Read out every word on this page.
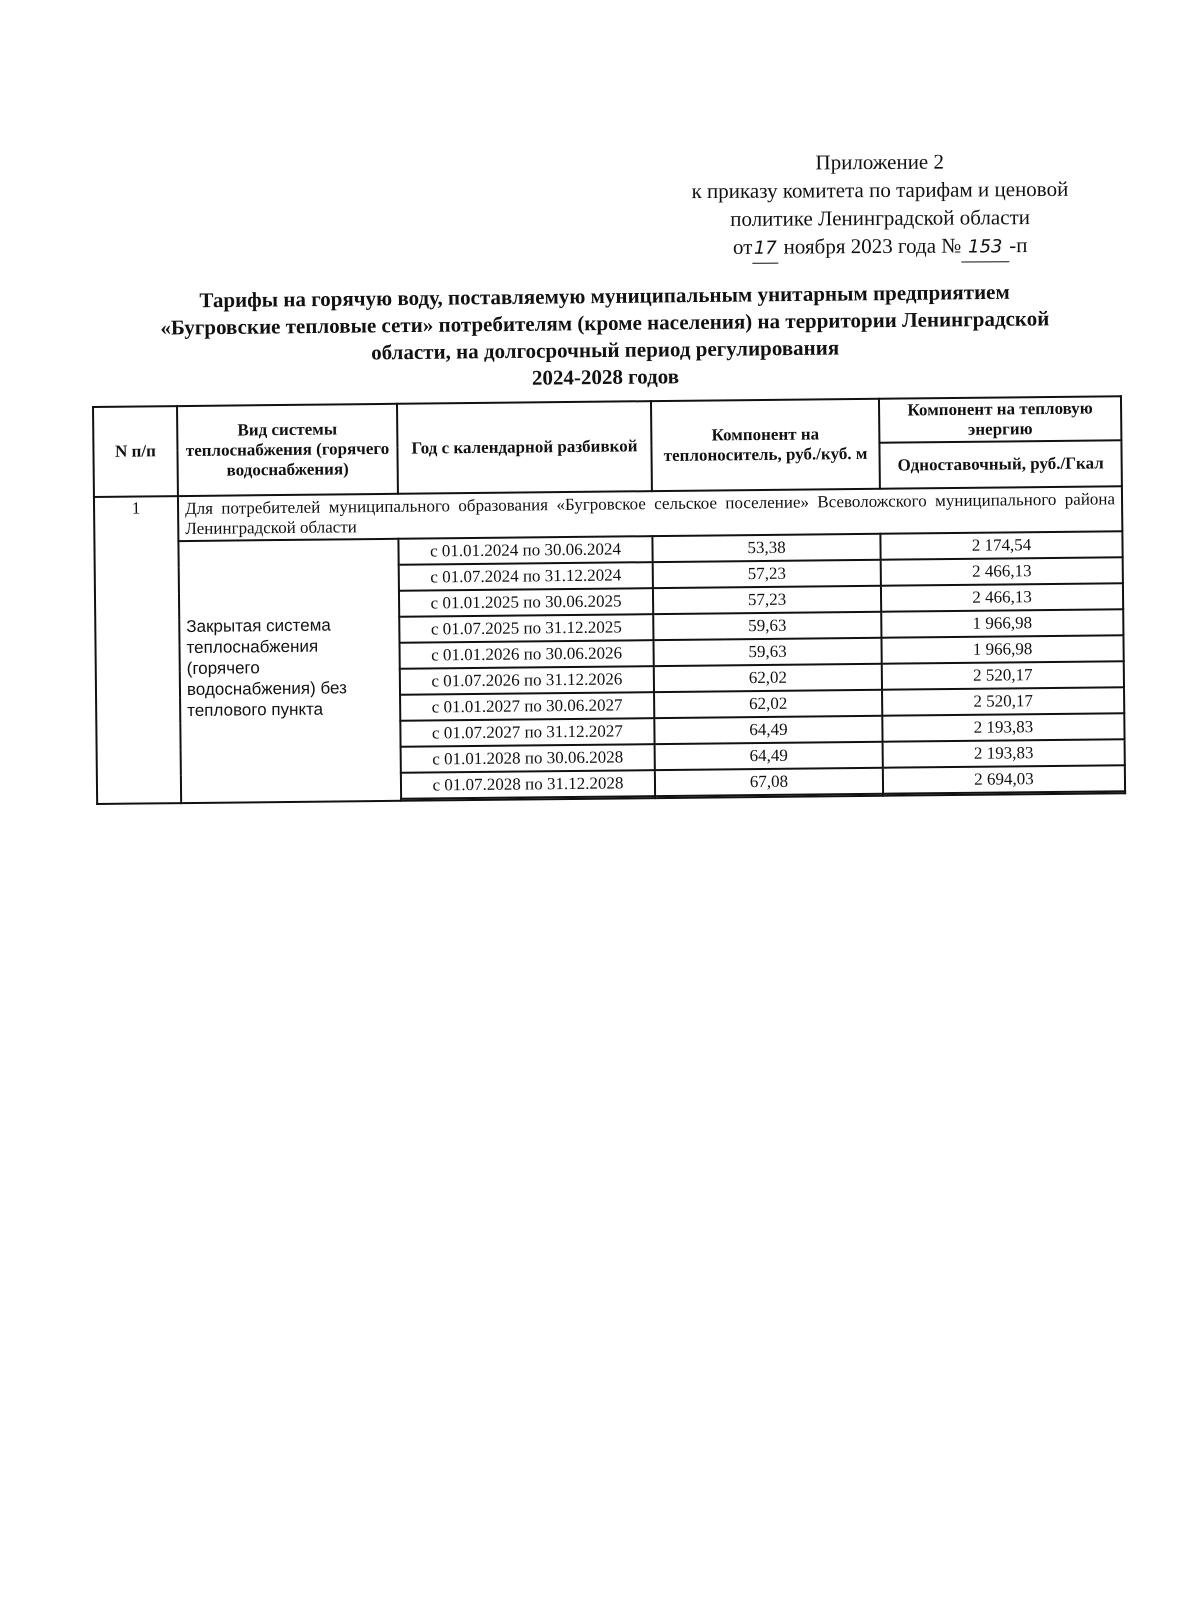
Приложение 2
к приказу комитета по тарифам и ценовой
политике Ленинградской области
от17 ноября 2023 года № 153 -п
Тарифы на горячую воду, поставляемую муниципальным унитарным предприятием
«Бугровские тепловые сети» потребителям (кроме населения) на территории Ленинградской
области, на долгосрочный период регулирования
2024-2028 годов
N п/п	Вид системы теплоснабжения (горячего водоснабжения)	Год с календарной разбивкой	Компонент на теплоноситель, руб./куб. м	Компонент на тепловую энергию
				Одноставочный, руб./Гкал
1	Для потребителей муниципального образования «Бугровское сельское поселение» Всеволожского муниципального района Ленинградской области			
	Закрытая система теплоснабжения (горячего водоснабжения) без теплового пункта	с 01.01.2024 по 30.06.2024	53,38	2 174,54
		с 01.07.2024 по 31.12.2024	57,23	2 466,13
		с 01.01.2025 по 30.06.2025	57,23	2 466,13
		с 01.07.2025 по 31.12.2025	59,63	1 966,98
		с 01.01.2026 по 30.06.2026	59,63	1 966,98
		с 01.07.2026 по 31.12.2026	62,02	2 520,17
		с 01.01.2027 по 30.06.2027	62,02	2 520,17
		с 01.07.2027 по 31.12.2027	64,49	2 193,83
		с 01.01.2028 по 30.06.2028	64,49	2 193,83
		с 01.07.2028 по 31.12.2028	67,08	2 694,03
